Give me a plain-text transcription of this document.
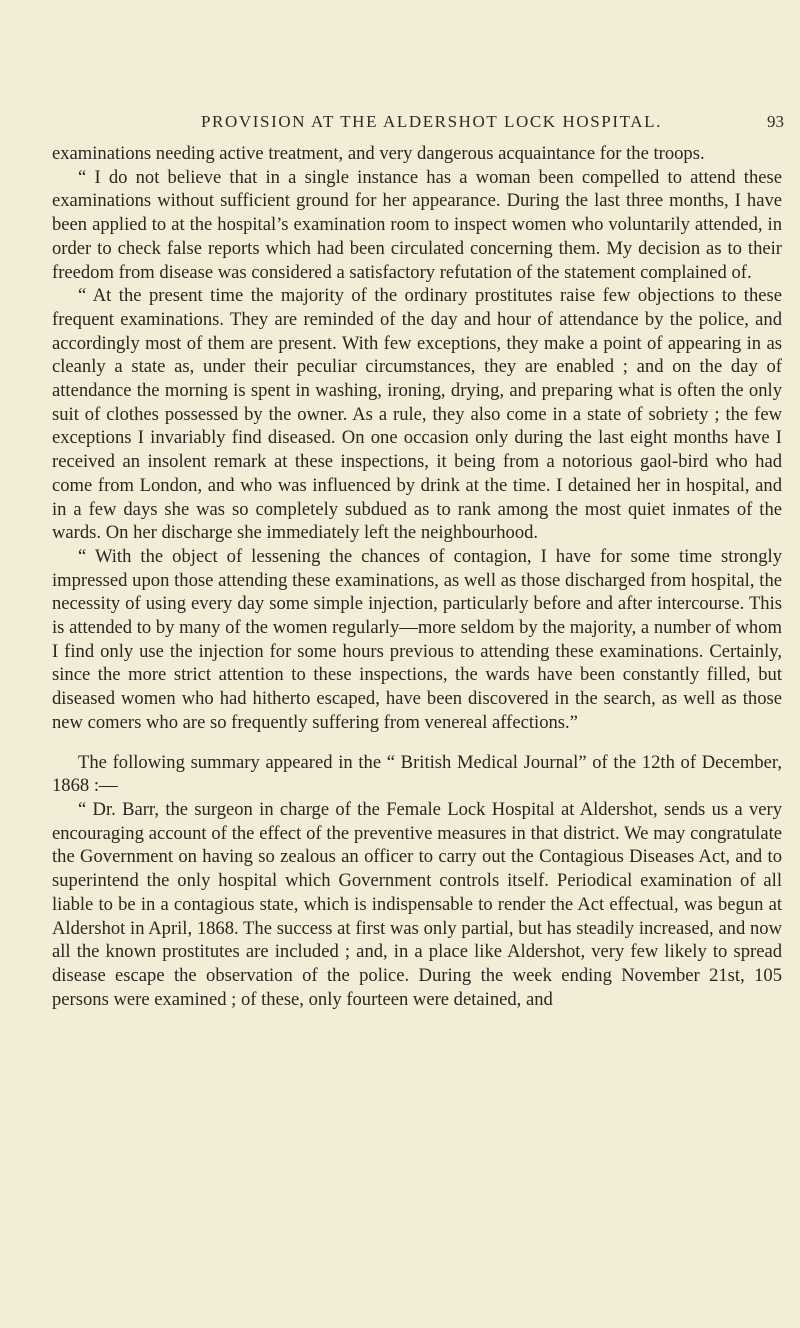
PROVISION AT THE ALDERSHOT LOCK HOSPITAL.	93

examinations needing active treatment, and very dangerous acquaintance for the troops.

“ I do not believe that in a single instance has a woman been compelled to attend these examinations without sufficient ground for her appearance. During the last three months, I have been applied to at the hospital’s examination room to inspect women who voluntarily attended, in order to check false reports which had been circulated concerning them. My decision as to their freedom from disease was considered a satisfactory refutation of the statement complained of.

“ At the present time the majority of the ordinary prostitutes raise few objections to these frequent examinations. They are reminded of the day and hour of attendance by the police, and accordingly most of them are present. With few exceptions, they make a point of appearing in as cleanly a state as, under their peculiar circumstances, they are enabled ; and on the day of attendance the morning is spent in washing, ironing, drying, and preparing what is often the only suit of clothes possessed by the owner. As a rule, they also come in a state of sobriety ; the few exceptions I invariably find diseased. On one occasion only during the last eight months have I received an insolent remark at these inspections, it being from a notorious gaol-bird who had come from London, and who was influenced by drink at the time. I detained her in hospital, and in a few days she was so completely subdued as to rank among the most quiet inmates of the wards. On her discharge she immediately left the neighbourhood.

“ With the object of lessening the chances of contagion, I have for some time strongly impressed upon those attending these examinations, as well as those discharged from hospital, the necessity of using every day some simple injection, particularly before and after intercourse. This is attended to by many of the women regularly—more seldom by the majority, a number of whom I find only use the injection for some hours previous to attending these examinations. Certainly, since the more strict attention to these inspections, the wards have been constantly filled, but diseased women who had hitherto escaped, have been discovered in the search, as well as those new comers who are so frequently suffering from venereal affections.”

The following summary appeared in the “ British Medical Journal” of the 12th of December, 1868 :—

“ Dr. Barr, the surgeon in charge of the Female Lock Hospital at Aldershot, sends us a very encouraging account of the effect of the preventive measures in that district. We may congratulate the Government on having so zealous an officer to carry out the Contagious Diseases Act, and to superintend the only hospital which Government controls itself. Periodical examination of all liable to be in a contagious state, which is indispensable to render the Act effectual, was begun at Aldershot in April, 1868. The success at first was only partial, but has steadily increased, and now all the known prostitutes are included ; and, in a place like Aldershot, very few likely to spread disease escape the observation of the police. During the week ending November 21st, 105 persons were examined ; of these, only fourteen were detained, and
